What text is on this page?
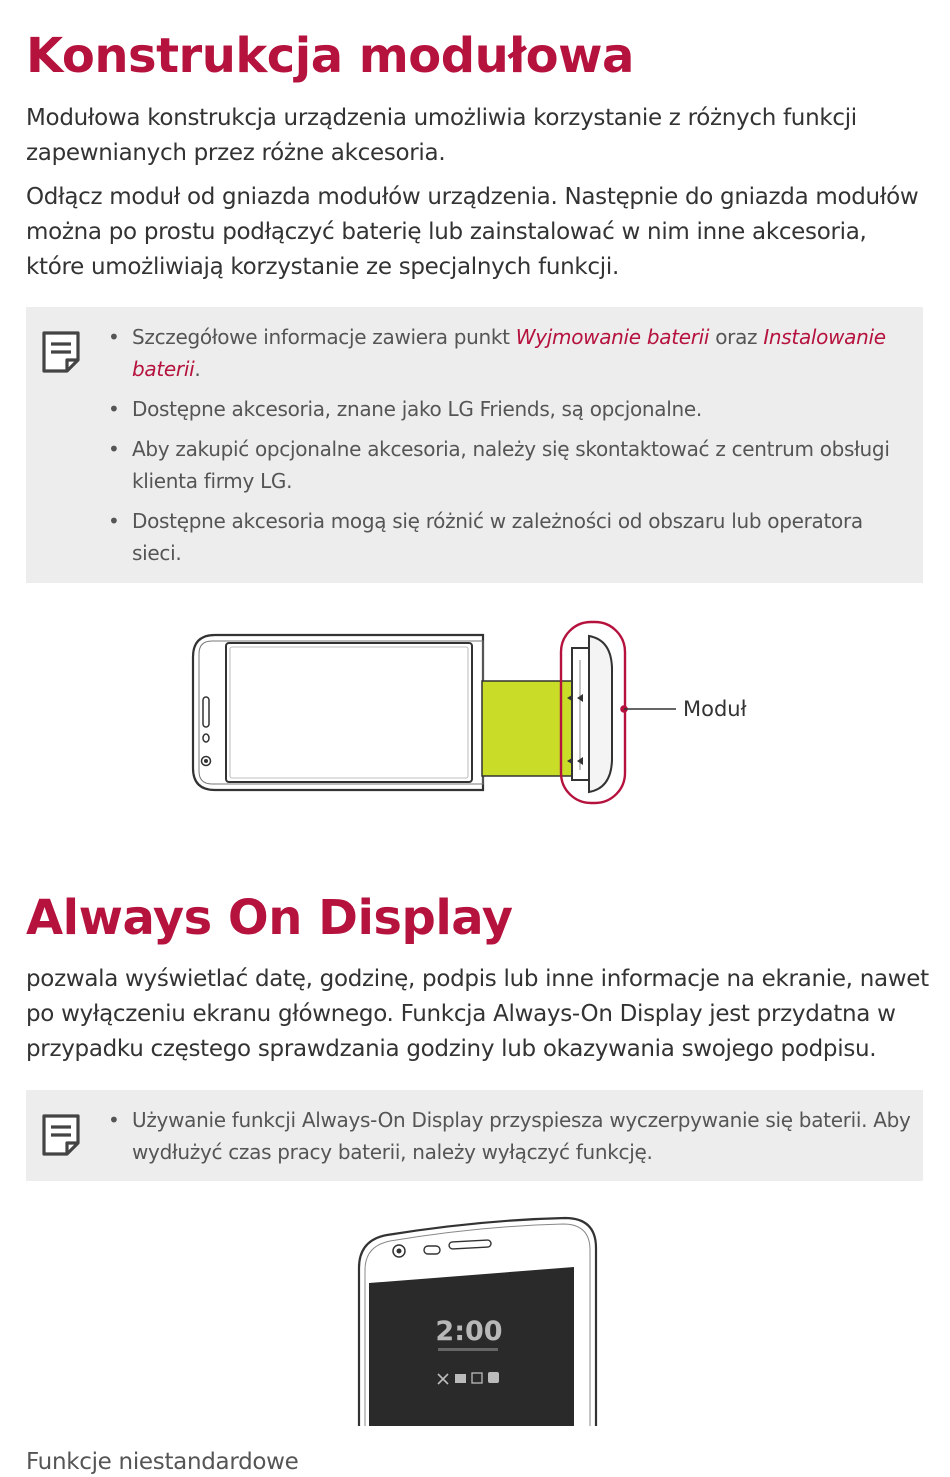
Konstrukcja modułowa

Modułowa konstrukcja urządzenia umożliwia korzystanie z różnych funkcji zapewnianych przez różne akcesoria.

Odłącz moduł od gniazda modułów urządzenia. Następnie do gniazda modułów można po prostu podłączyć baterię lub zainstalować w nim inne akcesoria, które umożliwiają korzystanie ze specjalnych funkcji.

• Szczegółowe informacje zawiera punkt Wyjmowanie baterii oraz Instalowanie baterii.
• Dostępne akcesoria, znane jako LG Friends, są opcjonalne.
• Aby zakupić opcjonalne akcesoria, należy się skontaktować z centrum obsługi klienta firmy LG.
• Dostępne akcesoria mogą się różnić w zależności od obszaru lub operatora sieci.
Moduł
Always On Display

pozwala wyświetlać datę, godzinę, podpis lub inne informacje na ekranie, nawet po wyłączeniu ekranu głównego. Funkcja Always-On Display jest przydatna w przypadku częstego sprawdzania godziny lub okazywania swojego podpisu.

• Używanie funkcji Always-On Display przyspiesza wyczerpywanie się baterii. Aby wydłużyć czas pracy baterii, należy wyłączyć funkcję.
2:00
Funkcje niestandardowe
